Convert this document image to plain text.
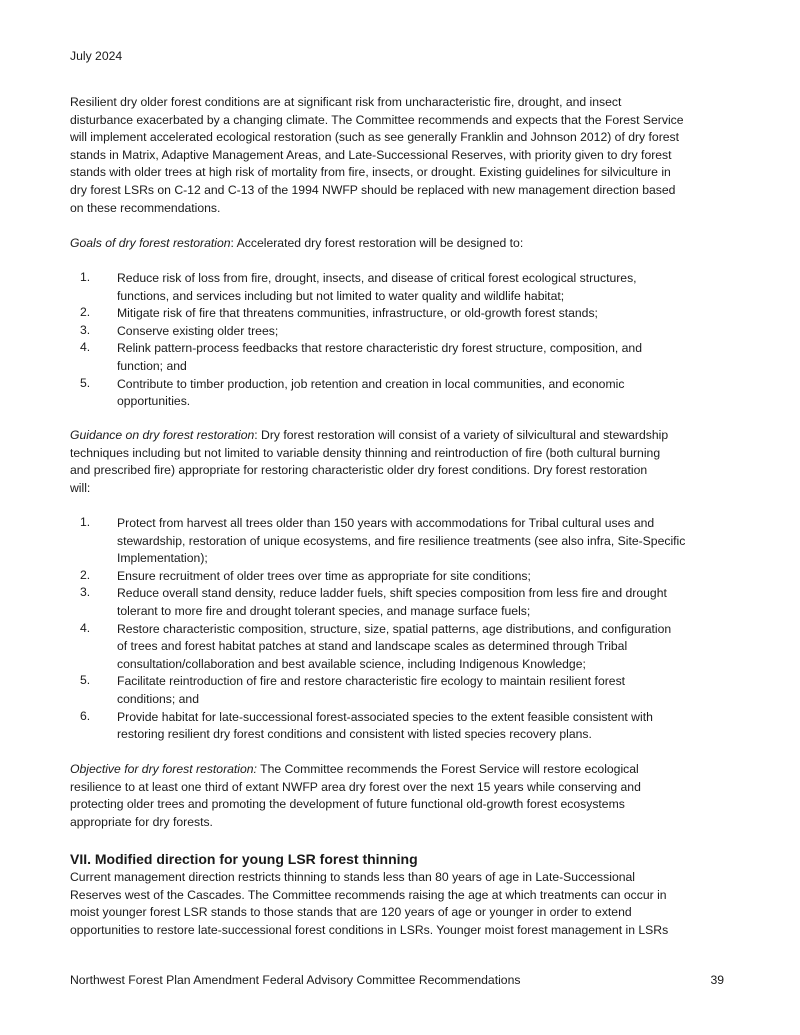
July 2024
Resilient dry older forest conditions are at significant risk from uncharacteristic fire, drought, and insect
disturbance exacerbated by a changing climate. The Committee recommends and expects that the Forest Service
will implement accelerated ecological restoration (such as see generally Franklin and Johnson 2012) of dry forest
stands in Matrix, Adaptive Management Areas, and Late-Successional Reserves, with priority given to dry forest
stands with older trees at high risk of mortality from fire, insects, or drought. Existing guidelines for silviculture in
dry forest LSRs on C-12 and C-13 of the 1994 NWFP should be replaced with new management direction based
on these recommendations.
Goals of dry forest restoration: Accelerated dry forest restoration will be designed to:
1. Reduce risk of loss from fire, drought, insects, and disease of critical forest ecological structures,
functions, and services including but not limited to water quality and wildlife habitat;
2. Mitigate risk of fire that threatens communities, infrastructure, or old-growth forest stands;
3. Conserve existing older trees;
4. Relink pattern-process feedbacks that restore characteristic dry forest structure, composition, and
function; and
5. Contribute to timber production, job retention and creation in local communities, and economic
opportunities.
Guidance on dry forest restoration: Dry forest restoration will consist of a variety of silvicultural and stewardship
techniques including but not limited to variable density thinning and reintroduction of fire (both cultural burning
and prescribed fire) appropriate for restoring characteristic older dry forest conditions. Dry forest restoration
will:
1. Protect from harvest all trees older than 150 years with accommodations for Tribal cultural uses and
stewardship, restoration of unique ecosystems, and fire resilience treatments (see also infra, Site-Specific
Implementation);
2. Ensure recruitment of older trees over time as appropriate for site conditions;
3. Reduce overall stand density, reduce ladder fuels, shift species composition from less fire and drought
tolerant to more fire and drought tolerant species, and manage surface fuels;
4. Restore characteristic composition, structure, size, spatial patterns, age distributions, and configuration
of trees and forest habitat patches at stand and landscape scales as determined through Tribal
consultation/collaboration and best available science, including Indigenous Knowledge;
5. Facilitate reintroduction of fire and restore characteristic fire ecology to maintain resilient forest
conditions; and
6. Provide habitat for late-successional forest-associated species to the extent feasible consistent with
restoring resilient dry forest conditions and consistent with listed species recovery plans.
Objective for dry forest restoration: The Committee recommends the Forest Service will restore ecological
resilience to at least one third of extant NWFP area dry forest over the next 15 years while conserving and
protecting older trees and promoting the development of future functional old-growth forest ecosystems
appropriate for dry forests.
VII. Modified direction for young LSR forest thinning
Current management direction restricts thinning to stands less than 80 years of age in Late-Successional
Reserves west of the Cascades. The Committee recommends raising the age at which treatments can occur in
moist younger forest LSR stands to those stands that are 120 years of age or younger in order to extend
opportunities to restore late-successional forest conditions in LSRs. Younger moist forest management in LSRs
Northwest Forest Plan Amendment Federal Advisory Committee Recommendations	39
